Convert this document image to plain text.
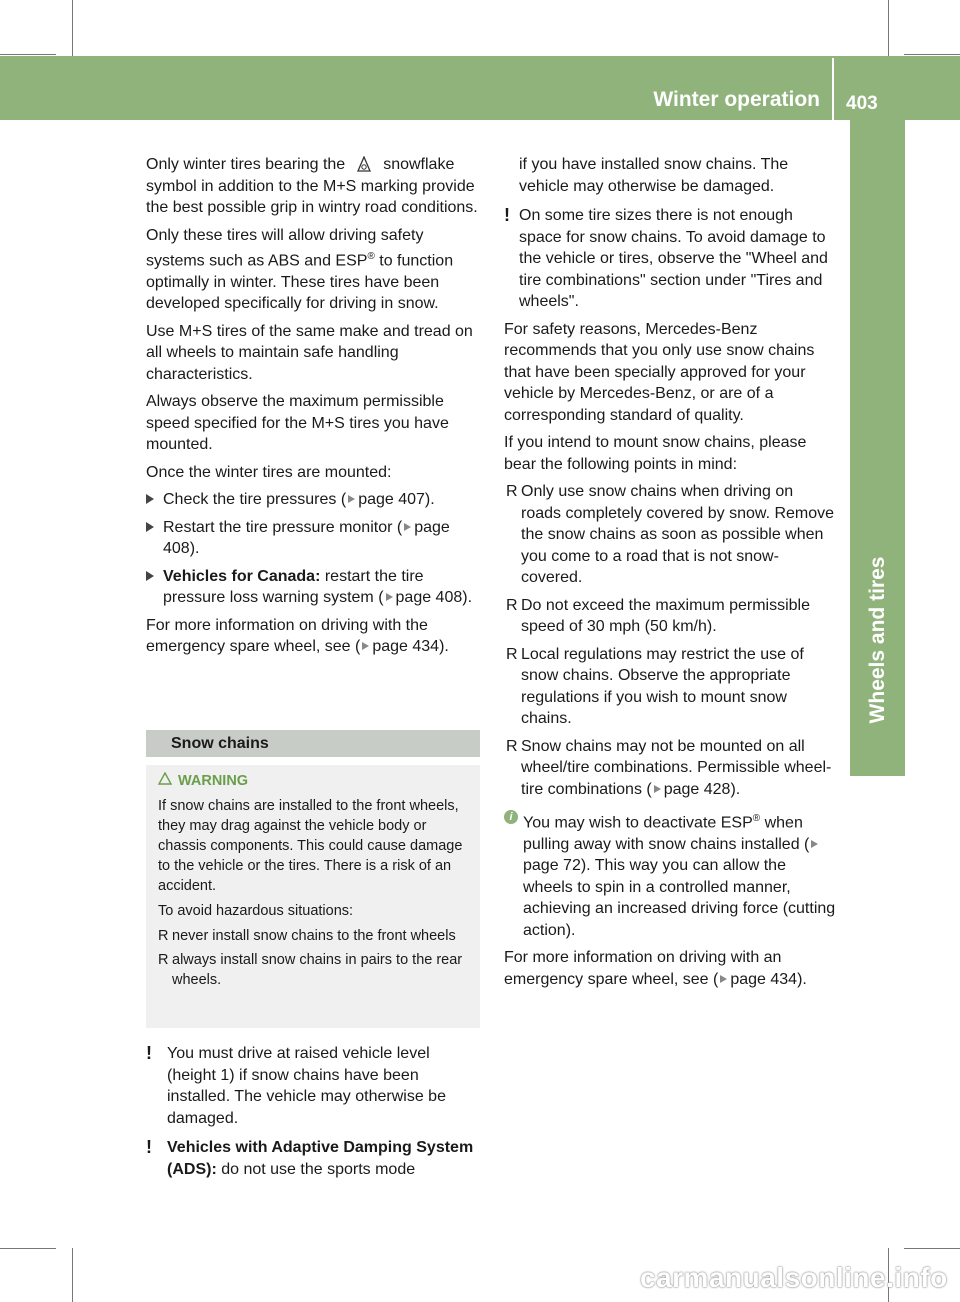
Winter operation 403
Wheels and tires

Only winter tires bearing the snowflake symbol in addition to the M+S marking provide the best possible grip in wintry road conditions.

Only these tires will allow driving safety systems such as ABS and ESP® to function optimally in winter. These tires have been developed specifically for driving in snow.

Use M+S tires of the same make and tread on all wheels to maintain safe handling characteristics.

Always observe the maximum permissible speed specified for the M+S tires you have mounted.

Once the winter tires are mounted:

Check the tire pressures ( page 407).
Restart the tire pressure monitor ( page 408).
Vehicles for Canada: restart the tire pressure loss warning system ( page 408).

For more information on driving with the emergency spare wheel, see ( page 434).

Snow chains

WARNING

If snow chains are installed to the front wheels, they may drag against the vehicle body or chassis components. This could cause damage to the vehicle or the tires. There is a risk of an accident.

To avoid hazardous situations:

R never install snow chains to the front wheels
R always install snow chains in pairs to the rear wheels.
! You must drive at raised vehicle level (height 1) if snow chains have been installed. The vehicle may otherwise be damaged.
! Vehicles with Adaptive Damping System (ADS): do not use the sports mode

if you have installed snow chains. The vehicle may otherwise be damaged.

! On some tire sizes there is not enough space for snow chains. To avoid damage to the vehicle or tires, observe the "Wheel and tire combinations" section under "Tires and wheels".

For safety reasons, Mercedes-Benz recommends that you only use snow chains that have been specially approved for your vehicle by Mercedes-Benz, or are of a corresponding standard of quality.

If you intend to mount snow chains, please bear the following points in mind:

R Only use snow chains when driving on roads completely covered by snow. Remove the snow chains as soon as possible when you come to a road that is not snow-covered.
R Do not exceed the maximum permissible speed of 30 mph (50 km/h).
R Local regulations may restrict the use of snow chains. Observe the appropriate regulations if you wish to mount snow chains.
R Snow chains may not be mounted on all wheel/tire combinations. Permissible wheel-tire combinations ( page 428).
i You may wish to deactivate ESP® when pulling away with snow chains installed (page 72). This way you can allow the wheels to spin in a controlled manner, achieving an increased driving force (cutting action).

For more information on driving with an emergency spare wheel, see ( page 434).

carmanualsonline.info
